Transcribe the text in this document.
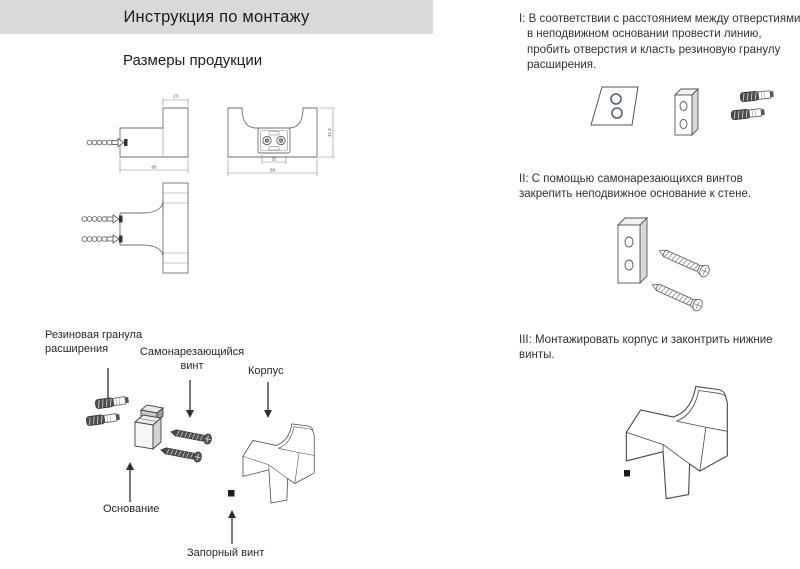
Инструкция по монтажу
Размеры продукции
23
80
41.5
32
80
Резиновая гранула расширения	Самонарезающийся винт	Корпус
Основание
Запорный винт
I: В соответствии с расстоянием между отверстиями в неподвижном основании провести линию, пробить отверстия и класть резиновую гранулу расширения.
II: С помощью самонарезающихся винтов закрепить неподвижное основание к стене.
III: Монтажировать корпус и законтрить нижние винты.
